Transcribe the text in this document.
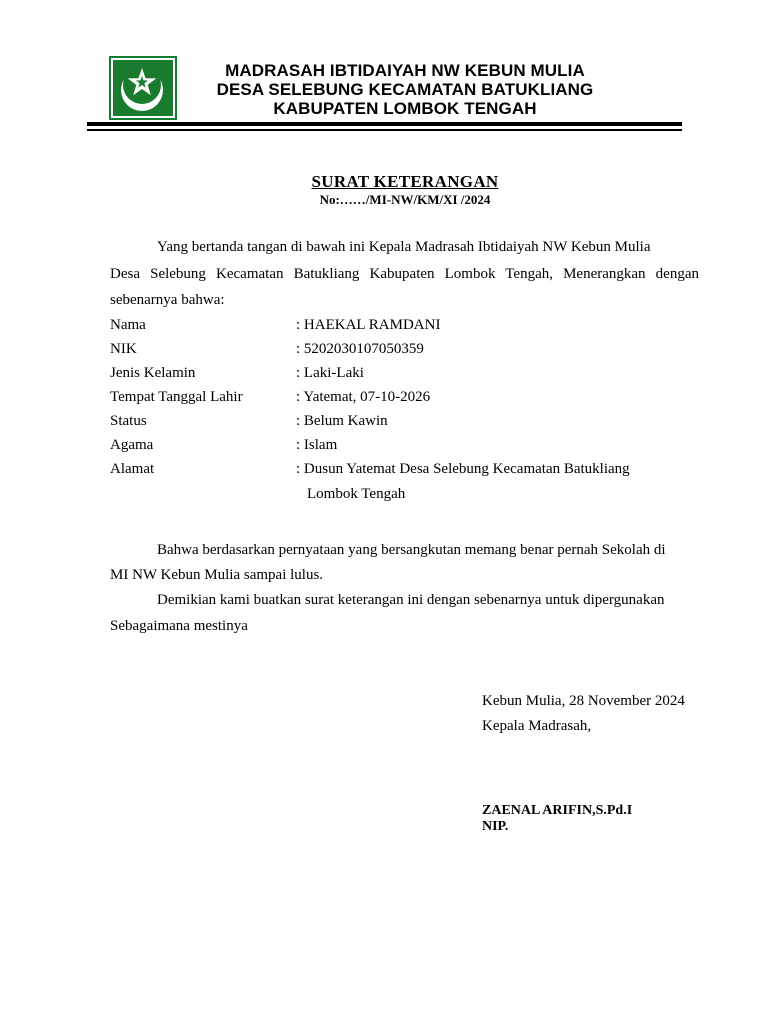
MADRASAH IBTIDAIYAH NW KEBUN MULIA
DESA SELEBUNG KECAMATAN BATUKLIANG
KABUPATEN LOMBOK TENGAH
SURAT KETERANGAN
No:……/MI-NW/KM/XI /2024
Yang bertanda tangan di bawah ini Kepala Madrasah Ibtidaiyah NW Kebun Mulia
Desa Selebung Kecamatan Batukliang Kabupaten Lombok Tengah, Menerangkan dengan
sebenarnya bahwa:
Nama	: HAEKAL RAMDANI
NIK	: 5202030107050359
Jenis Kelamin	: Laki-Laki
Tempat Tanggal Lahir	: Yatemat, 07-10-2026
Status	: Belum Kawin
Agama	: Islam
Alamat	: Dusun Yatemat Desa Selebung Kecamatan Batukliang
Lombok Tengah
Bahwa berdasarkan pernyataan yang bersangkutan memang benar pernah Sekolah di
MI NW Kebun Mulia sampai lulus.
Demikian kami buatkan surat keterangan ini dengan sebenarnya untuk dipergunakan
Sebagaimana mestinya
Kebun Mulia, 28 November 2024
Kepala Madrasah,
ZAENAL ARIFIN,S.Pd.I
NIP.
